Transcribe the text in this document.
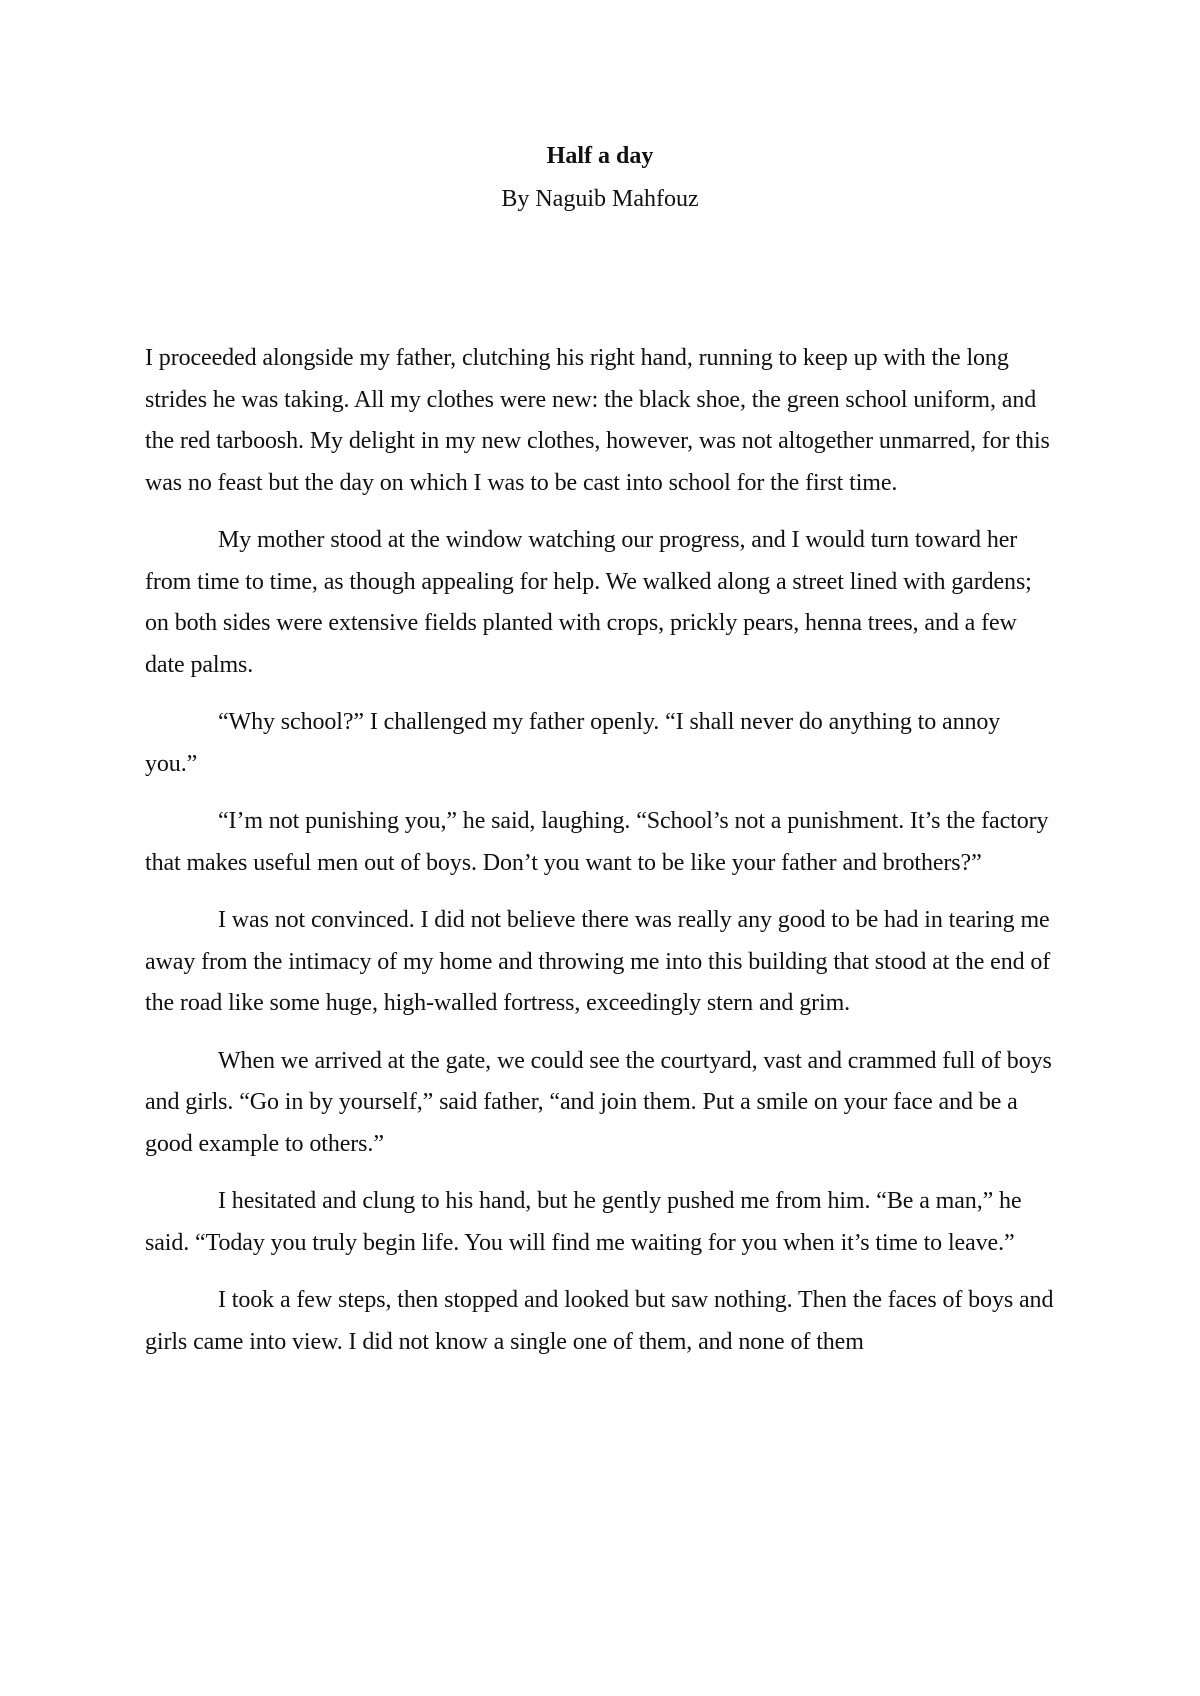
Half a day
By Naguib Mahfouz

I proceeded alongside my father, clutching his right hand, running to keep up with the long strides he was taking. All my clothes were new: the black shoe, the green school uniform, and the red tarboosh. My delight in my new clothes, however, was not altogether unmarred, for this was no feast but the day on which I was to be cast into school for the first time.

My mother stood at the window watching our progress, and I would turn toward her from time to time, as though appealing for help. We walked along a street lined with gardens; on both sides were extensive fields planted with crops, prickly pears, henna trees, and a few date palms.

“Why school?” I challenged my father openly. “I shall never do anything to annoy you.”

“I’m not punishing you,” he said, laughing. “School’s not a punishment. It’s the factory that makes useful men out of boys. Don’t you want to be like your father and brothers?”

I was not convinced. I did not believe there was really any good to be had in tearing me away from the intimacy of my home and throwing me into this building that stood at the end of the road like some huge, high-walled fortress, exceedingly stern and grim.

When we arrived at the gate, we could see the courtyard, vast and crammed full of boys and girls. “Go in by yourself,” said father, “and join them. Put a smile on your face and be a good example to others.”

I hesitated and clung to his hand, but he gently pushed me from him. “Be a man,” he said. “Today you truly begin life. You will find me waiting for you when it’s time to leave.”

I took a few steps, then stopped and looked but saw nothing. Then the faces of boys and girls came into view. I did not know a single one of them, and none of them
